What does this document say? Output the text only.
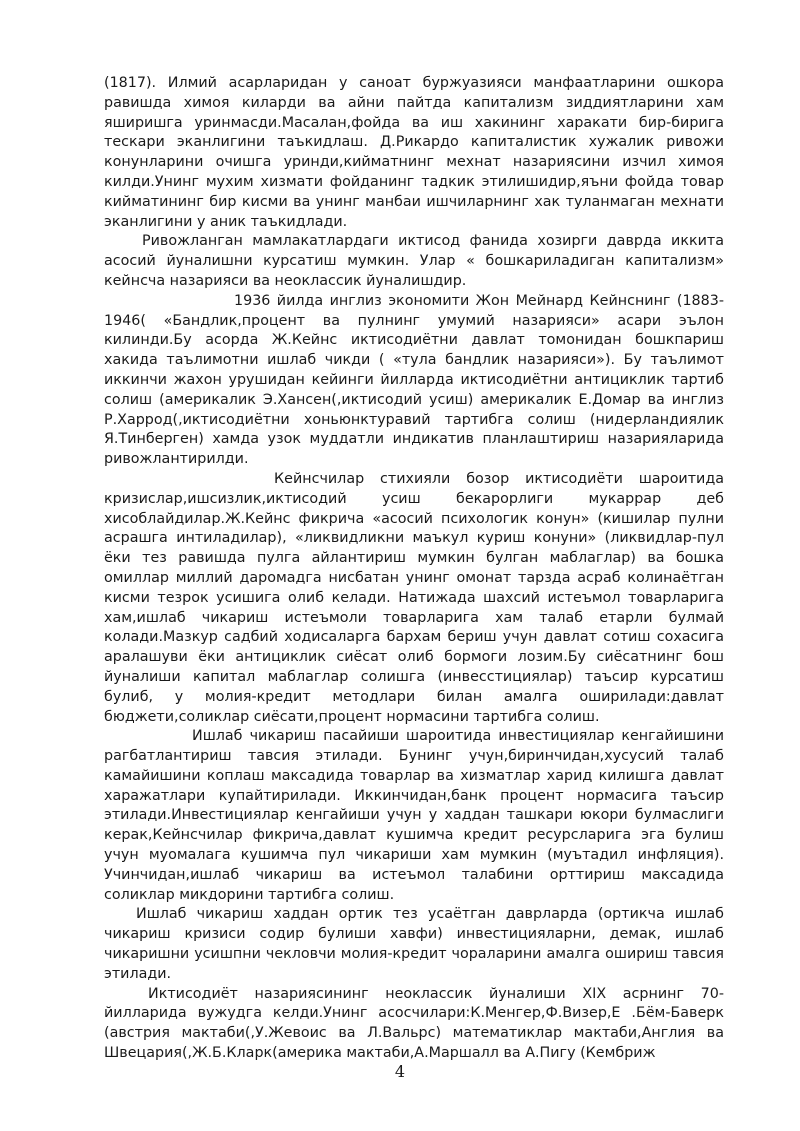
(1817). Илмий асарларидан у саноат буржуазияси манфаатларини ошкора равишда химоя киларди ва айни пайтда капитализм зиддиятларини хам яширишга уринмасди.Масалан,фойда ва иш хакининг харакати бир-бирига тескари эканлигини таъкидлаш. Д.Рикардо капиталистик хужалик ривожи конунларини очишга уринди,кийматнинг мехнат назариясини изчил химоя килди.Унинг мухим хизмати фойданинг тадкик этилишидир,яъни фойда товар кийматининг бир кисми ва унинг манбаи ишчиларнинг хак туланмаган мехнати эканлигини у аник таъкидлади.

Ривожланган мамлакатлардаги иктисод фанида хозирги даврда иккита асосий йуналишни курсатиш мумкин. Улар « бошкариладиган капитализм» кейнсча назарияси ва неоклассик йуналишдир.

1936 йилда инглиз экономити Жон Мейнард Кейнснинг (1883-1946( «Бандлик,процент ва пулнинг умумий назарияси» асари эълон килинди.Бу асорда Ж.Кейнс иктисодиётни давлат томонидан бошкпариш хакида таълимотни ишлаб чикди ( «тула бандлик назарияси»). Бу таълимот иккинчи жахон урушидан кейинги йилларда иктисодиётни антициклик тартиб солиш (америкалик Э.Хансен(,иктисодий усиш) америкалик Е.Домар ва инглиз Р.Харрод(,иктисодиётни хоньюнктуравий тартибга солиш (нидерландиялик Я.Тинберген) хамда узок муддатли индикатив планлаштириш назарияларида ривожлантирилди.

Кейнсчилар стихияли бозор иктисодиёти шароитида кризислар,ишсизлик,иктисодий усиш бекарорлиги мукаррар деб хисоблайдилар.Ж.Кейнс фикрича «асосий психологик конун» (кишилар пулни асрашга интиладилар), «ликвидликни маъкул куриш конуни» (ликвидлар-пул ёки тез равишда пулга айлантириш мумкин булган маблаглар) ва бошка омиллар миллий даромадга нисбатан унинг омонат тарзда асраб колинаётган кисми тезрок усишига олиб келади. Натижада шахсий истеъмол товарларига хам,ишлаб чикариш истеъмоли товарларига хам талаб етарли булмай колади.Мазкур садбий ходисаларга бархам бериш учун давлат сотиш сохасига аралашуви ёки антициклик сиёсат олиб бормоги лозим.Бу сиёсатнинг бош йуналиши капитал маблаглар солишга (инвесстициялар) таъсир курсатиш булиб, у молия-кредит методлари билан амалга оширилади:давлат бюджети,соликлар сиёсати,процент нормасини тартибга солиш.

Ишлаб чикариш пасайиши шароитида инвестициялар кенгайишини рагбатлантириш тавсия этилади. Бунинг учун,биринчидан,хусусий талаб камайишини коплаш максадида товарлар ва хизматлар харид килишга давлат харажатлари купайтирилади. Иккинчидан,банк процент нормасига таъсир этилади.Инвестициялар кенгайиши учун у хаддан ташкари юкори булмаслиги керак,Кейнсчилар фикрича,давлат кушимча кредит ресурсларига эга булиш учун муомалага кушимча пул чикариши хам мумкин (муътадил инфляция). Учинчидан,ишлаб чикариш ва истеъмол талабини орттириш максадида соликлар микдорини тартибга солиш.

Ишлаб чикариш хаддан ортик тез усаётган даврларда (ортикча ишлаб чикариш кризиси содир булиши хавфи) инвестицияларни, демак, ишлаб чикаришни усишпни чекловчи молия-кредит чораларини амалга ошириш тавсия этилади.

Иктисодиёт назариясининг неоклассик йуналиши XIX асрнинг 70- йилларида вужудга келди.Унинг асосчилари:К.Менгер,Ф.Визер,Е .Бём-Баверк (австрия мактаби(,У.Жевоис ва Л.Вальрс) математиклар мактаби,Англия ва Швецария(,Ж.Б.Кларк(америка мактаби,А.Маршалл ва А.Пигу (Кембриж

4
